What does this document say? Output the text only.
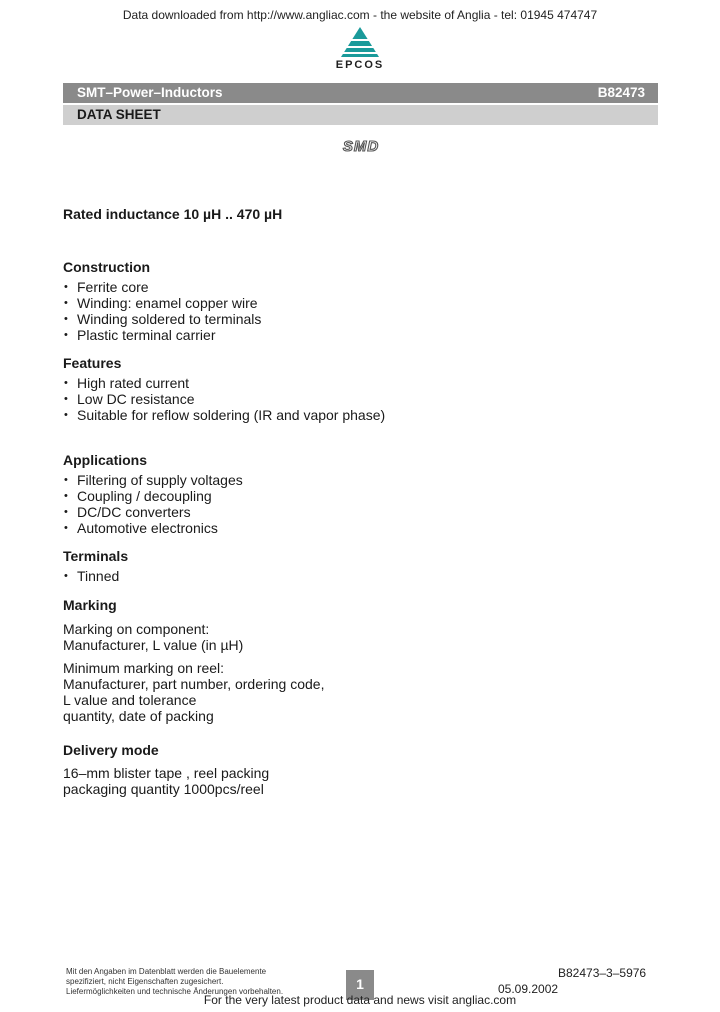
Data downloaded from http://www.angliac.com - the website of Anglia - tel: 01945 474747
EPCOS
SMT–Power–Inductors	B82473
DATA SHEET
SMD
Rated inductance 10 µH .. 470 µH
Construction
• Ferrite core
• Winding: enamel copper wire
• Winding soldered to terminals
• Plastic terminal carrier
Features
• High rated current
• Low DC resistance
• Suitable for reflow soldering (IR and vapor phase)
Applications
• Filtering of supply voltages
• Coupling / decoupling
• DC/DC converters
• Automotive electronics
Terminals
• Tinned
Marking
Marking on component:
Manufacturer, L value (in µH)
Minimum marking on reel:
Manufacturer, part number, ordering code,
L value and tolerance
quantity, date of packing
Delivery mode
16–mm blister tape , reel packing
packaging quantity 1000pcs/reel
Mit den Angaben im Datenblatt werden die Bauelemente
spezifiziert, nicht Eigenschaften zugesichert.
Liefermöglichkeiten und technische Änderungen vorbehalten.	1
B82473–3–5976
05.09.2002
For the very latest product data and news visit angliac.com
